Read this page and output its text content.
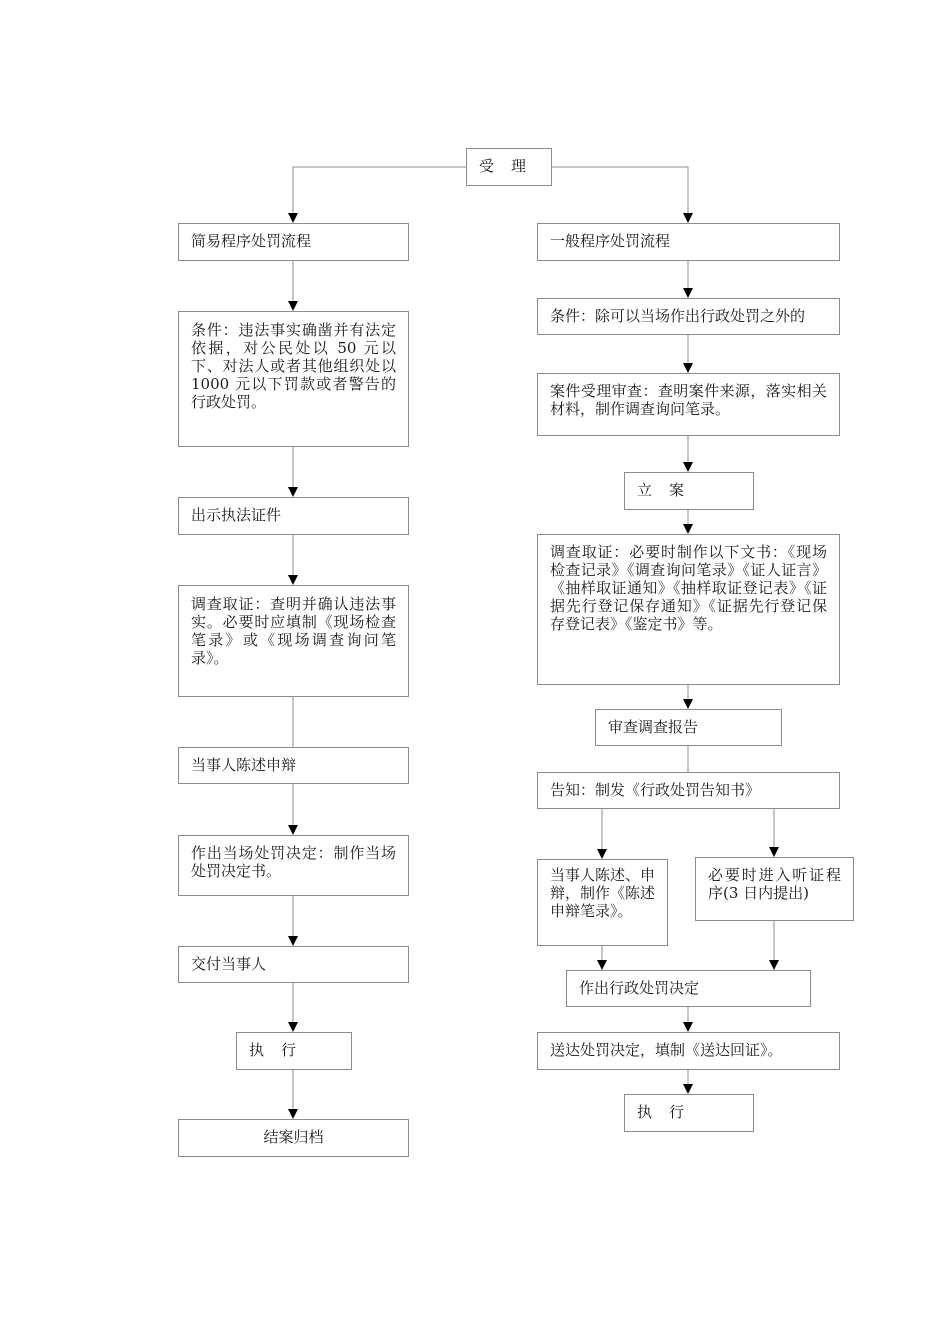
受　理
简易程序处罚流程
条件：违法事实确凿并有法定依据，对公民处以 50 元以下、对法人或者其他组织处以 1000 元以下罚款或者警告的行政处罚。
出示执法证件
调查取证：查明并确认违法事实。必要时应填制《现场检查笔录》或《现场调查询问笔录》。
当事人陈述申辩
作出当场处罚决定：制作当场处罚决定书。
交付当事人
执　行
结案归档
一般程序处罚流程
条件：除可以当场作出行政处罚之外的
案件受理审查：查明案件来源，落实相关材料，制作调查询问笔录。
立　案
调查取证：必要时制作以下文书：《现场检查记录》《调查询问笔录》《证人证言》《抽样取证通知》《抽样取证登记表》《证据先行登记保存通知》《证据先行登记保存登记表》《鉴定书》等。
审查调查报告
告知：制发《行政处罚告知书》
当事人陈述、申辩，制作《陈述申辩笔录》。
必要时进入听证程序(3 日内提出)
作出行政处罚决定
送达处罚决定，填制《送达回证》。
执　行
